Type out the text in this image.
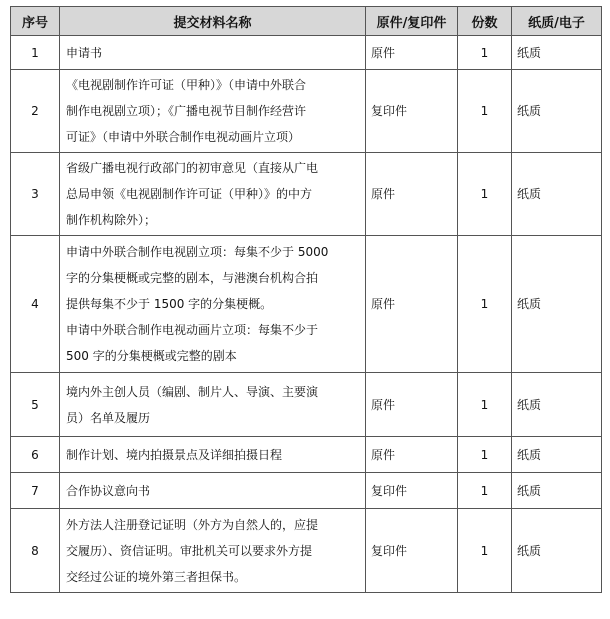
序号	提交材料名称	原件/复印件	份数	纸质/电子
1	申请书	原件	1	纸质
2	《电视剧制作许可证（甲种）》（申请中外联合
制作电视剧立项）；《广播电视节目制作经营许
可证》（申请中外联合制作电视动画片立项）	复印件	1	纸质
3	省级广播电视行政部门的初审意见（直接从广电
总局申领《电视剧制作许可证（甲种）》的中方
制作机构除外）；	原件	1	纸质
4	申请中外联合制作电视剧立项：每集不少于 5000
字的分集梗概或完整的剧本，与港澳台机构合拍
提供每集不少于 1500 字的分集梗概。
申请中外联合制作电视动画片立项：每集不少于
500 字的分集梗概或完整的剧本	原件	1	纸质
5	境内外主创人员（编剧、制片人、导演、主要演
员）名单及履历	原件	1	纸质
6	制作计划、境内拍摄景点及详细拍摄日程	原件	1	纸质
7	合作协议意向书	复印件	1	纸质
8	外方法人注册登记证明（外方为自然人的，应提
交履历）、资信证明。审批机关可以要求外方提
交经过公证的境外第三者担保书。	复印件	1	纸质
